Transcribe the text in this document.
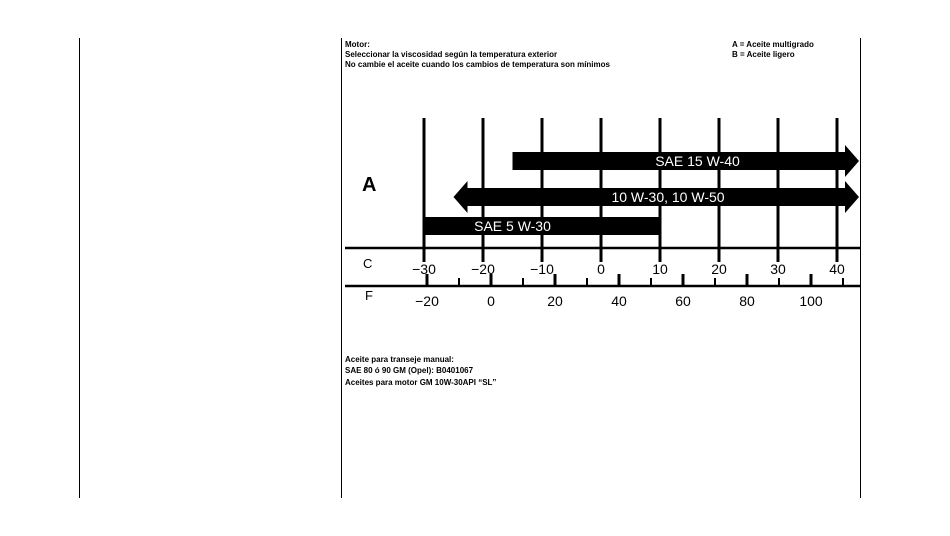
Motor:
Seleccionar la viscosidad según la temperatura exterior
No cambie el aceite cuando los cambios de temperatura son mínimos
A = Aceite multigrado
B = Aceite ligero
−30	−20	−10	0	10	20	30	40
−20	0	20	40	60	80	100
A
C
F
SAE 15 W-40
10 W-30, 10 W-50
SAE 5 W-30
Aceite para transeje manual:
SAE 80 ó 90 GM (Opel): B0401067
Aceites para motor GM 10W-30API “SL”
